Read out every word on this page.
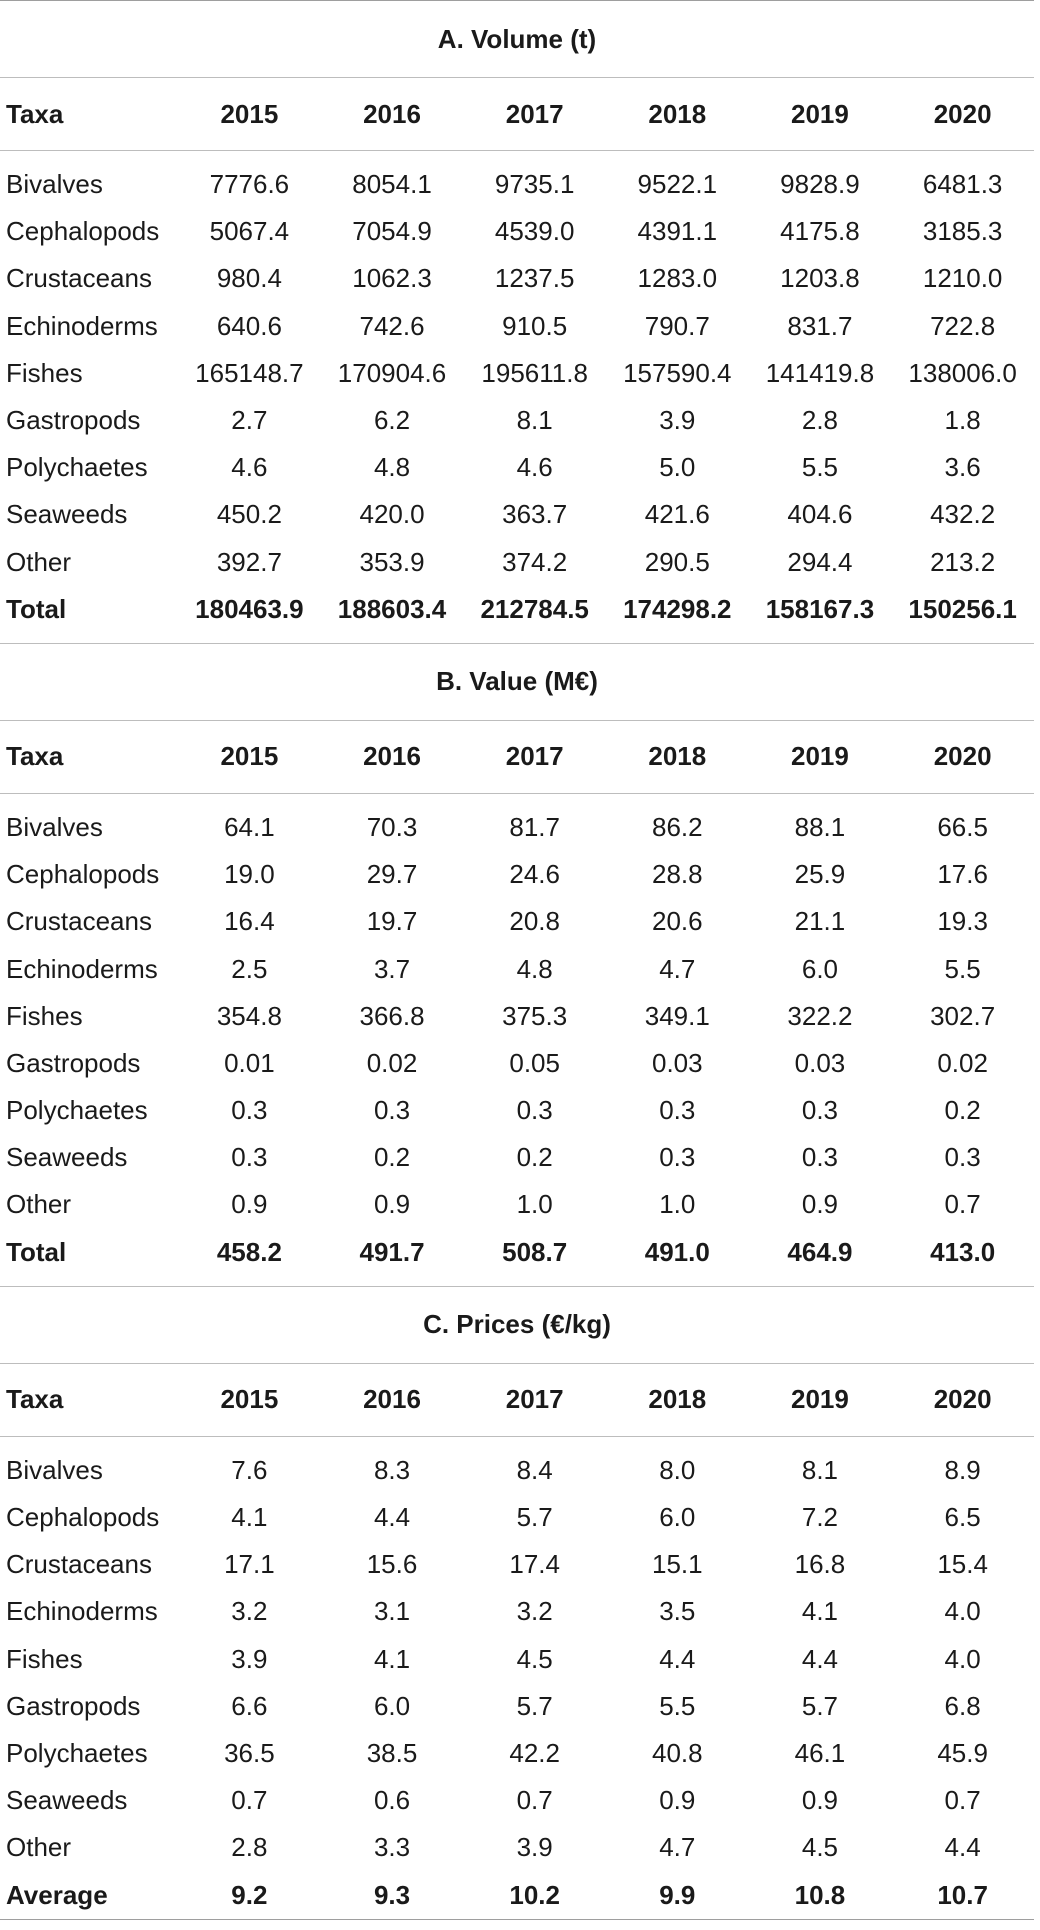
A. Volume (t)						
Taxa	2015	2016	2017	2018	2019	2020

Bivalves	7776.6	8054.1	9735.1	9522.1	9828.9	6481.3
Cephalopods	5067.4	7054.9	4539.0	4391.1	4175.8	3185.3
Crustaceans	980.4	1062.3	1237.5	1283.0	1203.8	1210.0
Echinoderms	640.6	742.6	910.5	790.7	831.7	722.8
Fishes	165148.7	170904.6	195611.8	157590.4	141419.8	138006.0
Gastropods	2.7	6.2	8.1	3.9	2.8	1.8
Polychaetes	4.6	4.8	4.6	5.0	5.5	3.6
Seaweeds	450.2	420.0	363.7	421.6	404.6	432.2
Other	392.7	353.9	374.2	290.5	294.4	213.2
Total	180463.9	188603.4	212784.5	174298.2	158167.3	150256.1

B. Value (M€)						
Taxa	2015	2016	2017	2018	2019	2020

Bivalves	64.1	70.3	81.7	86.2	88.1	66.5
Cephalopods	19.0	29.7	24.6	28.8	25.9	17.6
Crustaceans	16.4	19.7	20.8	20.6	21.1	19.3
Echinoderms	2.5	3.7	4.8	4.7	6.0	5.5
Fishes	354.8	366.8	375.3	349.1	322.2	302.7
Gastropods	0.01	0.02	0.05	0.03	0.03	0.02
Polychaetes	0.3	0.3	0.3	0.3	0.3	0.2
Seaweeds	0.3	0.2	0.2	0.3	0.3	0.3
Other	0.9	0.9	1.0	1.0	0.9	0.7
Total	458.2	491.7	508.7	491.0	464.9	413.0

C. Prices (€/kg)						
Taxa	2015	2016	2017	2018	2019	2020

Bivalves	7.6	8.3	8.4	8.0	8.1	8.9
Cephalopods	4.1	4.4	5.7	6.0	7.2	6.5
Crustaceans	17.1	15.6	17.4	15.1	16.8	15.4
Echinoderms	3.2	3.1	3.2	3.5	4.1	4.0
Fishes	3.9	4.1	4.5	4.4	4.4	4.0
Gastropods	6.6	6.0	5.7	5.5	5.7	6.8
Polychaetes	36.5	38.5	42.2	40.8	46.1	45.9
Seaweeds	0.7	0.6	0.7	0.9	0.9	0.7
Other	2.8	3.3	3.9	4.7	4.5	4.4
Average	9.2	9.3	10.2	9.9	10.8	10.7
